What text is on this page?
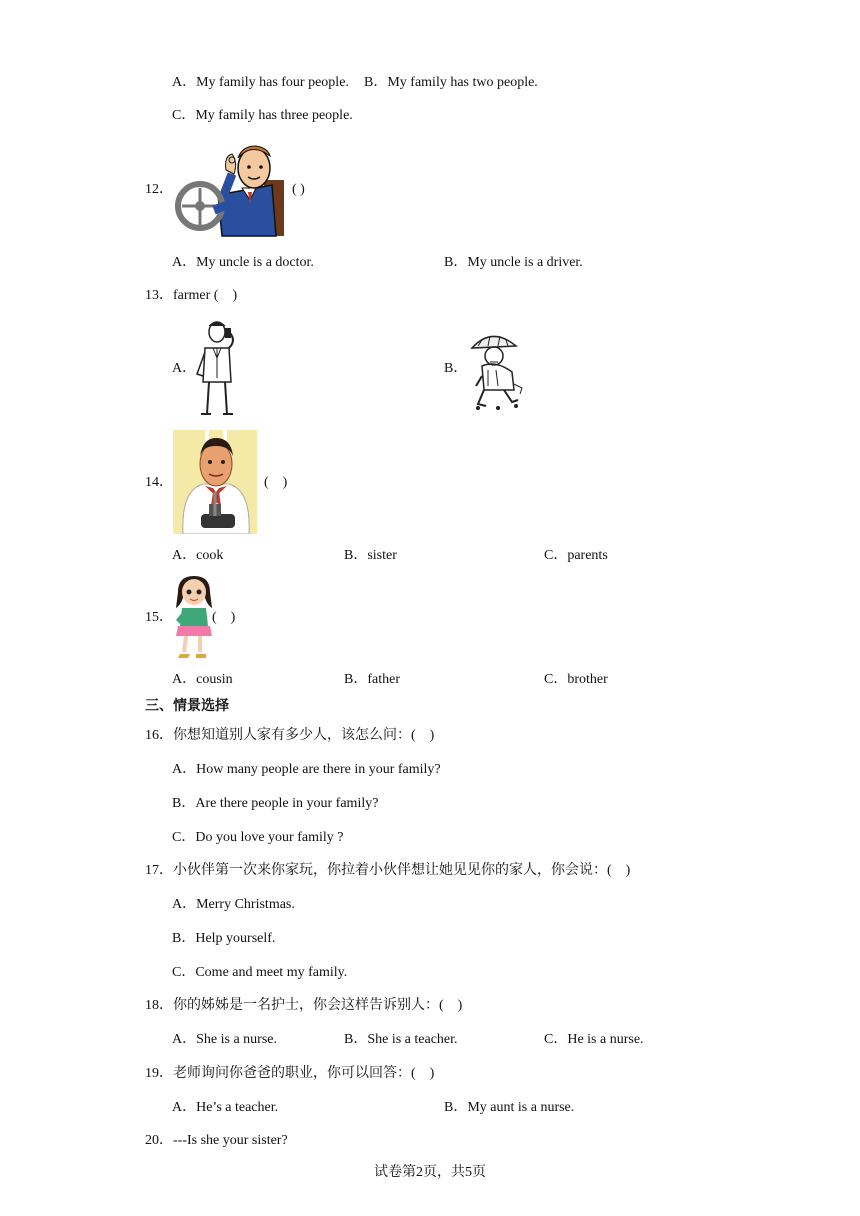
A．My family has four people. B．My family has two people.
C．My family has three people.
12．	( )
A．My uncle is a doctor.	B．My uncle is a driver.
13．farmer (　)
A．	B．
14．	(　)
A．cook	B．sister	C．parents
15．	(　)
A．cousin	B．father	C．brother
三、情景选择
16．你想知道别人家有多少人，该怎么问：(　)
A．How many people are there in your family?
B．Are there people in your family?
C．Do you love your family ?
17．小伙伴第一次来你家玩，你拉着小伙伴想让她见见你的家人，你会说：(　)
A．Merry Christmas.
B．Help yourself.
C．Come and meet my family.
18．你的姊姊是一名护士，你会这样告诉别人：(　)
A．She is a nurse.	B．She is a teacher.	C．He is a nurse.
19．老师询问你爸爸的职业，你可以回答：(　)
A．He’s a teacher.	B．My aunt is a nurse.
20．---Is she your sister?
试卷第2页，共5页
